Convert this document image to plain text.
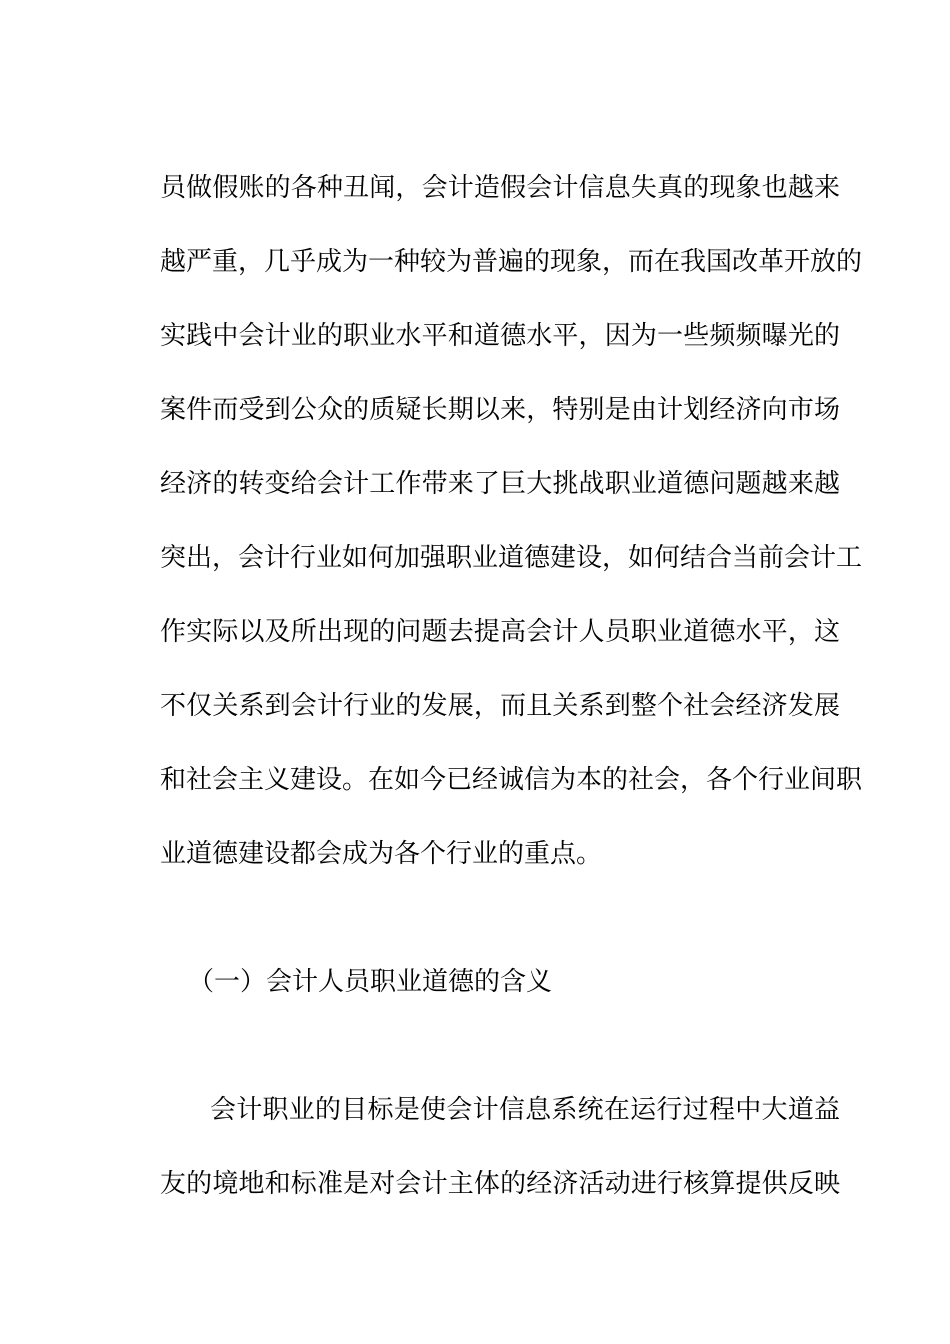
员做假账的各种丑闻，会计造假会计信息失真的现象也越来
越严重，几乎成为一种较为普遍的现象，而在我国改革开放的
实践中会计业的职业水平和道德水平，因为一些频频曝光的
案件而受到公众的质疑长期以来，特别是由计划经济向市场
经济的转变给会计工作带来了巨大挑战职业道德问题越来越
突出，会计行业如何加强职业道德建设，如何结合当前会计工
作实际以及所出现的问题去提高会计人员职业道德水平，这
不仅关系到会计行业的发展，而且关系到整个社会经济发展
和社会主义建设。在如今已经诚信为本的社会，各个行业间职
业道德建设都会成为各个行业的重点。
（一）会计人员职业道德的含义
会计职业的目标是使会计信息系统在运行过程中大道益
友的境地和标准是对会计主体的经济活动进行核算提供反映
